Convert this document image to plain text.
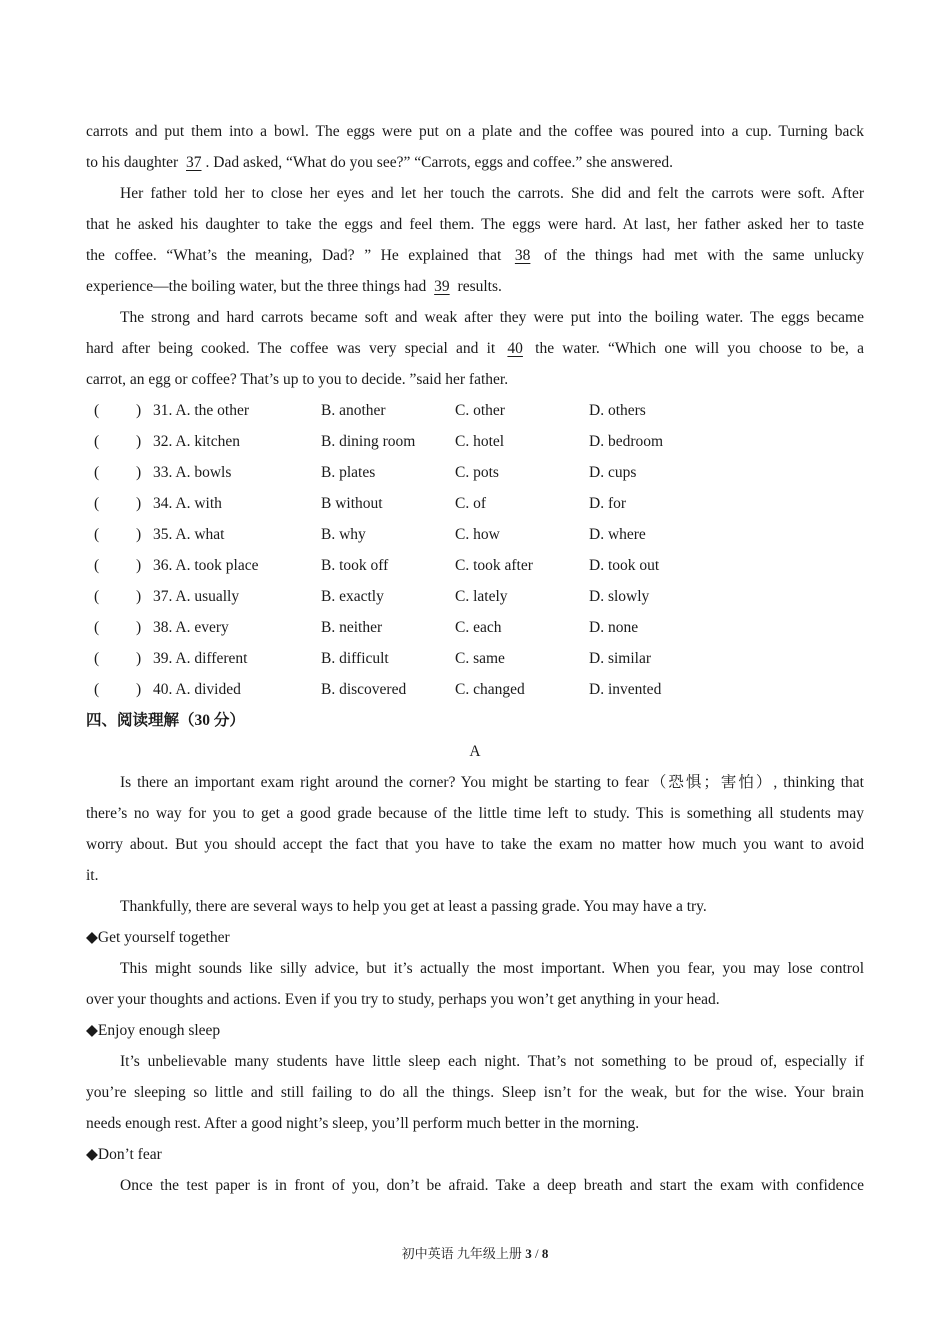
carrots and put them into a bowl. The eggs were put on a plate and the coffee was poured into a cup. Turning back
to his daughter 37 . Dad asked, “What do you see?” “Carrots, eggs and coffee.” she answered.
Her father told her to close her eyes and let her touch the carrots. She did and felt the carrots were soft. After
that he asked his daughter to take the eggs and feel them. The eggs were hard. At last, her father asked her to taste
the coffee. “What’s the meaning, Dad? ” He explained that 38 of the things had met with the same unlucky
experience—the boiling water, but the three things had 39 results.
The strong and hard carrots became soft and weak after they were put into the boiling water. The eggs became
hard after being cooked. The coffee was very special and it 40 the water. “Which one will you choose to be, a
carrot, an egg or coffee? That’s up to you to decide. ”said her father.
( ) 31. A. the other	B. another	C. other	D. others
( ) 32. A. kitchen	B. dining room	C. hotel	D. bedroom
( ) 33. A. bowls	B. plates	C. pots	D. cups
( ) 34. A. with	B without	C. of	D. for
( ) 35. A. what	B. why	C. how	D. where
( ) 36. A. took place	B. took off	C. took after	D. took out
( ) 37. A. usually	B. exactly	C. lately	D. slowly
( ) 38. A. every	B. neither	C. each	D. none
( ) 39. A. different	B. difficult	C. same	D. similar
( ) 40. A. divided	B. discovered	C. changed	D. invented
四、阅读理解（30 分）
A
Is there an important exam right around the corner? You might be starting to fear（恐惧；害怕）, thinking that
there’s no way for you to get a good grade because of the little time left to study. This is something all students may
worry about. But you should accept the fact that you have to take the exam no matter how much you want to avoid
it.
Thankfully, there are several ways to help you get at least a passing grade. You may have a try.
◆Get yourself together
This might sounds like silly advice, but it’s actually the most important. When you fear, you may lose control
over your thoughts and actions. Even if you try to study, perhaps you won’t get anything in your head.
◆Enjoy enough sleep
It’s unbelievable many students have little sleep each night. That’s not something to be proud of, especially if
you’re sleeping so little and still failing to do all the things. Sleep isn’t for the weak, but for the wise. Your brain
needs enough rest. After a good night’s sleep, you’ll perform much better in the morning.
◆Don’t fear
Once the test paper is in front of you, don’t be afraid. Take a deep breath and start the exam with confidence
初中英语 九年级上册 3 / 8
